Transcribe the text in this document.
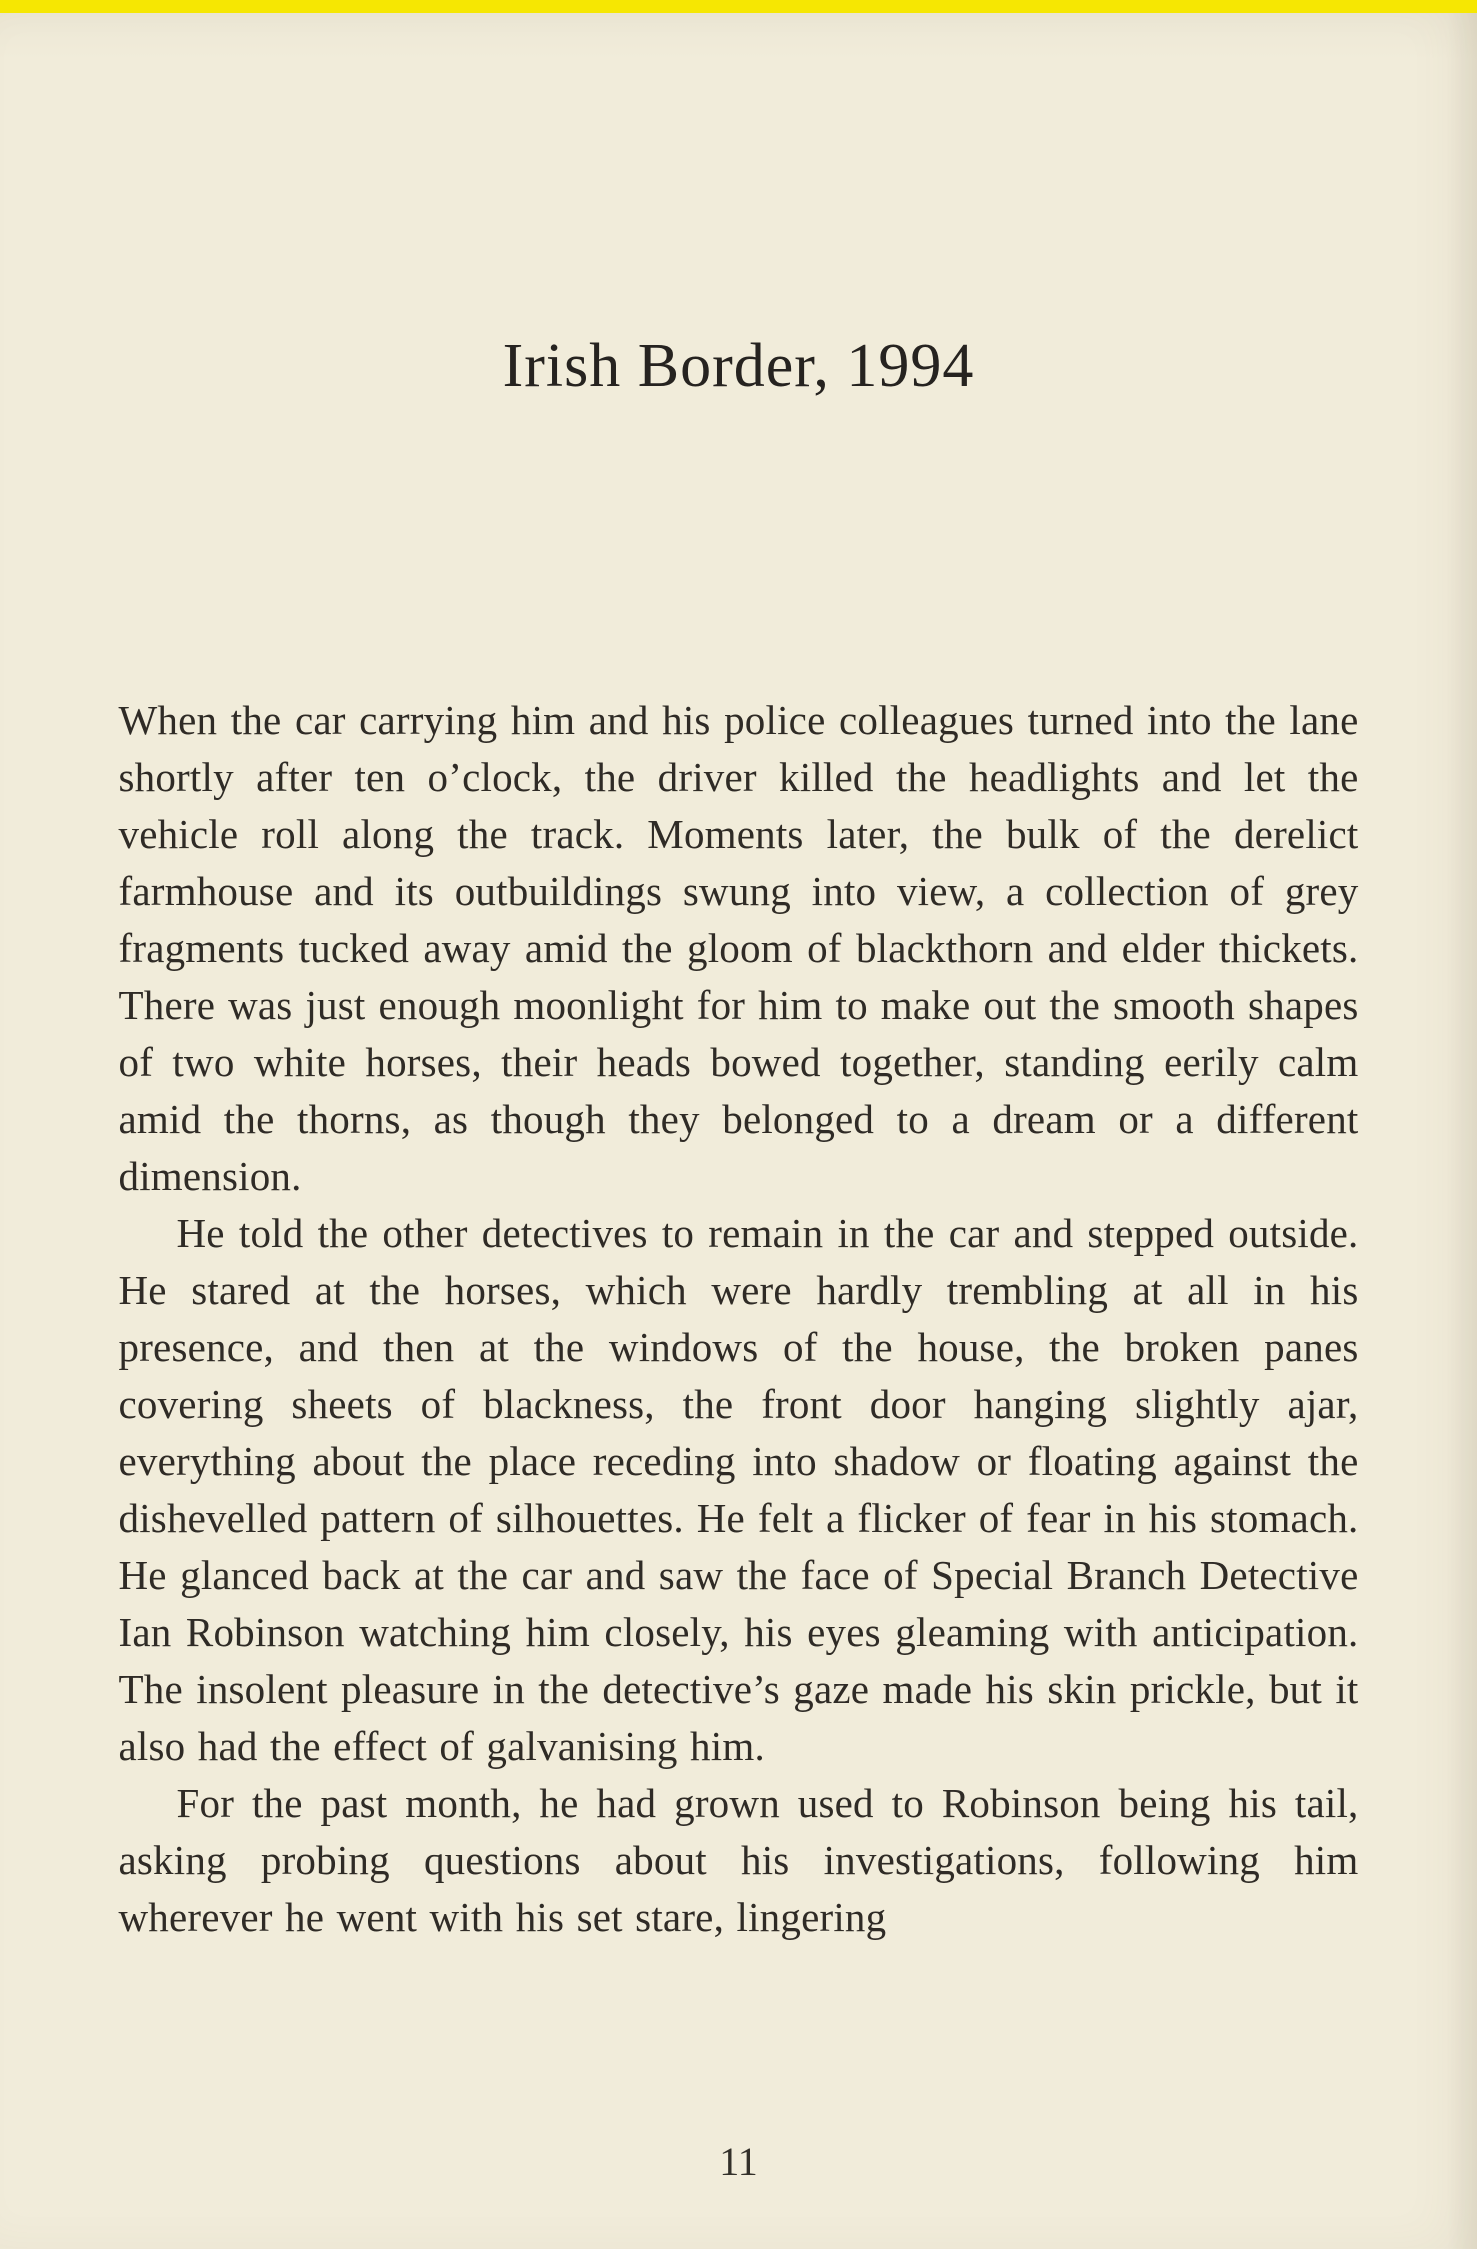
Irish Border, 1994

When the car carrying him and his police colleagues turned into the lane shortly after ten o’clock, the driver killed the headlights and let the vehicle roll along the track. Moments later, the bulk of the derelict farmhouse and its outbuildings swung into view, a collection of grey fragments tucked away amid the gloom of blackthorn and elder thickets. There was just enough moonlight for him to make out the smooth shapes of two white horses, their heads bowed together, standing eerily calm amid the thorns, as though they belonged to a dream or a different dimension.

He told the other detectives to remain in the car and stepped outside. He stared at the horses, which were hardly trembling at all in his presence, and then at the windows of the house, the broken panes covering sheets of blackness, the front door hanging slightly ajar, everything about the place receding into shadow or floating against the dishevelled pattern of silhouettes. He felt a flicker of fear in his stomach. He glanced back at the car and saw the face of Special Branch Detective Ian Robinson watching him closely, his eyes gleaming with anticipation. The insolent pleasure in the detective’s gaze made his skin prickle, but it also had the effect of galvanising him.

For the past month, he had grown used to Robinson being his tail, asking probing questions about his investigations, following him wherever he went with his set stare, lingering

11
